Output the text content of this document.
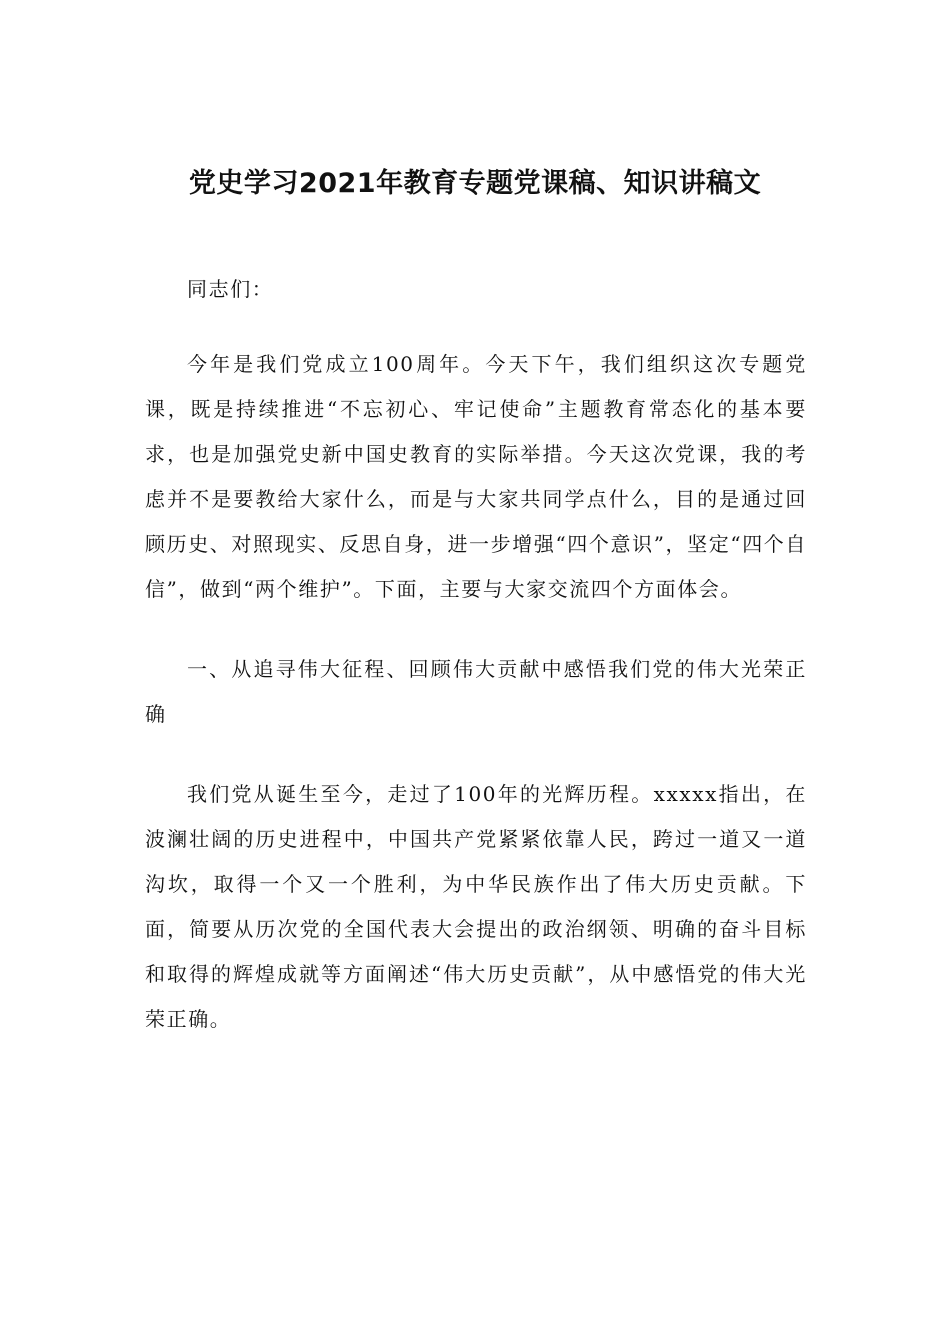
党史学习2021年教育专题党课稿、知识讲稿文

同志们：

今年是我们党成立100周年。今天下午，我们组织这次专题党课，既是持续推进“不忘初心、牢记使命”主题教育常态化的基本要求，也是加强党史新中国史教育的实际举措。今天这次党课，我的考虑并不是要教给大家什么，而是与大家共同学点什么，目的是通过回顾历史、对照现实、反思自身，进一步增强“四个意识”，坚定“四个自信”，做到“两个维护”。下面，主要与大家交流四个方面体会。

一、从追寻伟大征程、回顾伟大贡献中感悟我们党的伟大光荣正确

我们党从诞生至今，走过了100年的光辉历程。xxxxx指出，在波澜壮阔的历史进程中，中国共产党紧紧依靠人民，跨过一道又一道沟坎，取得一个又一个胜利，为中华民族作出了伟大历史贡献。下面，简要从历次党的全国代表大会提出的政治纲领、明确的奋斗目标和取得的辉煌成就等方面阐述“伟大历史贡献”，从中感悟党的伟大光荣正确。
